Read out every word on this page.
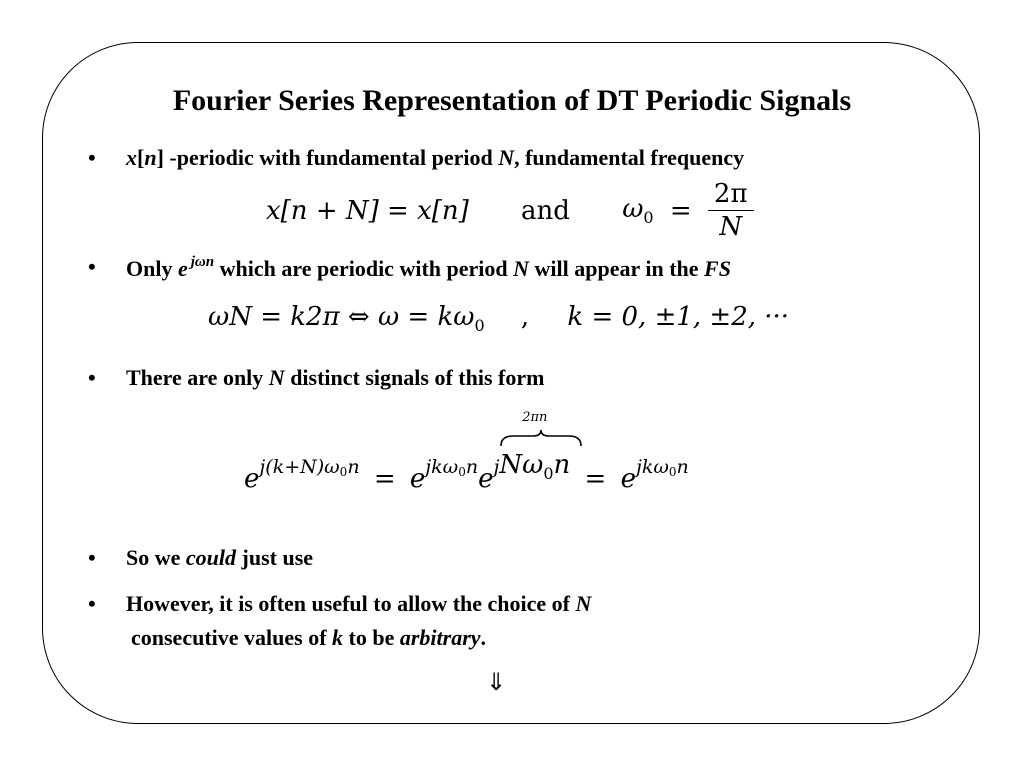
Fourier Series Representation of DT Periodic Signals
• x[n] -periodic with fundamental period N, fundamental frequency
x[n + N] = x[n] and $\omega_0 = \frac{2\pi}{N}$
• Only e $^{j\omega n}$ which are periodic with period N will appear in the FS
ωN = k2π ⇔ $\omega = k\omega_0$ , k = 0, ±1, ±2, ···
• There are only N distinct signals of this form
$e^{j(k+N)\omega 0n} = e^{jk\omega 0n}e^{j 2\pi n N\omega_0n} = e^{jk\omega 0n}$
• So we could just use
• However, it is often useful to allow the choice of N
consecutive values of k to be arbitrary.
⇓
